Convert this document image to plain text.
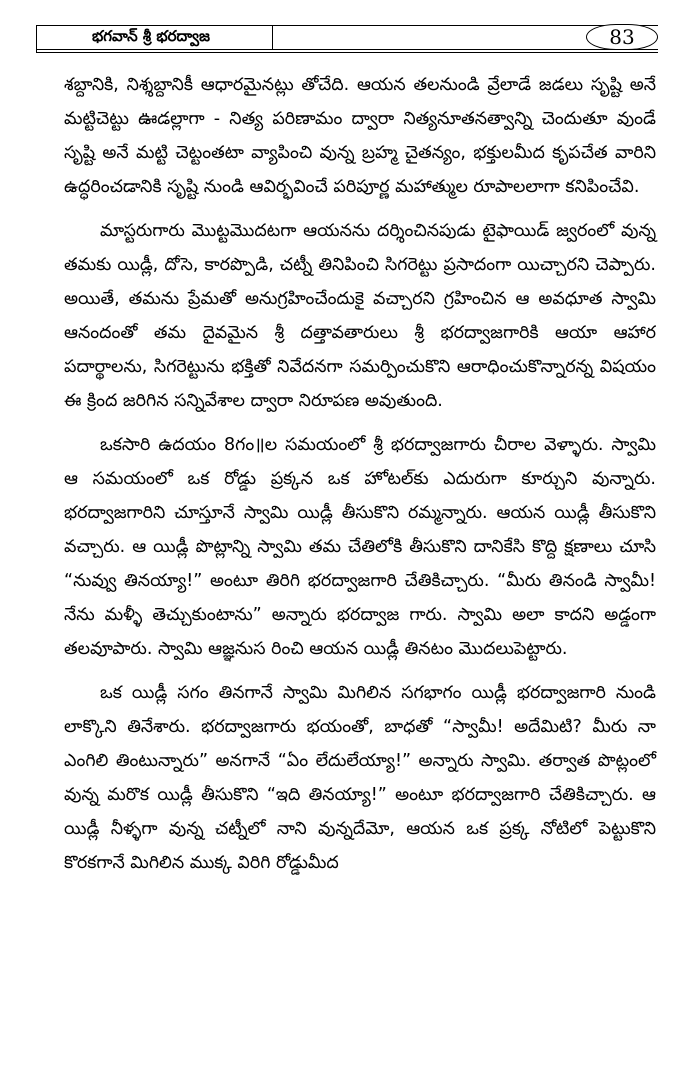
భగవాన్ శ్రీ భరద్వాజ	83

శబ్దానికి, నిశ్శబ్దానికీ ఆధారమైనట్లు తోచేది. ఆయన తలనుండి వ్రేలాడే జడలు సృష్టి అనే మట్టిచెట్టు ఊడల్లాగా - నిత్య పరిణామం ద్వారా నిత్యనూతనత్వాన్ని చెందుతూ వుండే సృష్టి అనే మట్టి చెట్టంతటా వ్యాపించి వున్న బ్రహ్మ చైతన్యం, భక్తులమీద కృపచేత వారిని ఉద్ధరించడానికి సృష్టి నుండి ఆవిర్భవించే పరిపూర్ణ మహాత్ముల రూపాలలాగా కనిపించేవి.

మాస్టరుగారు మొట్టమొదటగా ఆయనను దర్శించినపుడు టైఫాయిడ్ జ్వరంలో వున్న తమకు యిడ్లీ, దోసె, కారప్పొడి, చట్నీ తినిపించి సిగరెట్టు ప్రసాదంగా యిచ్చారని చెప్పారు. అయితే, తమను ప్రేమతో అనుగ్రహించేందుకై వచ్చారని గ్రహించిన ఆ అవధూత స్వామి ఆనందంతో తమ దైవమైన శ్రీ దత్తావతారులు శ్రీ భరద్వాజగారికి ఆయా ఆహార పదార్థాలను, సిగరెట్టును భక్తితో నివేదనగా సమర్పించుకొని ఆరాధించుకొన్నారన్న విషయం ఈ క్రింద జరిగిన సన్నివేశాల ద్వారా నిరూపణ అవుతుంది.

ఒకసారి ఉదయం 8గం॥ల సమయంలో శ్రీ భరద్వాజగారు చీరాల వెళ్ళారు. స్వామి ఆ సమయంలో ఒక రోడ్డు ప్రక్కన ఒక హోటల్‌కు ఎదురుగా కూర్చుని వున్నారు. భరద్వాజగారిని చూస్తూనే స్వామి యిడ్లీ తీసుకొని రమ్మన్నారు. ఆయన యిడ్లీ తీసుకొని వచ్చారు. ఆ యిడ్లీ పొట్లాన్ని స్వామి తమ చేతిలోకి తీసుకొని దానికేసి కొద్ది క్షణాలు చూసి “నువ్వు తినయ్యా!” అంటూ తిరిగి భరద్వాజగారి చేతికిచ్చారు. “మీరు తినండి స్వామీ! నేను మళ్ళీ తెచ్చుకుంటాను” అన్నారు భరద్వాజ గారు. స్వామి అలా కాదని అడ్డంగా తలవూపారు. స్వామి ఆజ్ఞనుస రించి ఆయన యిడ్లీ తినటం మొదలుపెట్టారు.

ఒక యిడ్లీ సగం తినగానే స్వామి మిగిలిన సగభాగం యిడ్లీ భరద్వాజగారి నుండి లాక్కొని తినేశారు. భరద్వాజగారు భయంతో, బాధతో “స్వామీ! అదేమిటి? మీరు నా ఎంగిలి తింటున్నారు” అనగానే “ఏం లేదులేయ్యా!” అన్నారు స్వామి. తర్వాత పొట్లంలో వున్న మరొక యిడ్లీ తీసుకొని “ఇది తినయ్యా!” అంటూ భరద్వాజగారి చేతికిచ్చారు. ఆ యిడ్లీ నీళ్ళగా వున్న చట్నీలో నాని వున్నదేమో, ఆయన ఒక ప్రక్క నోటిలో పెట్టుకొని కొరకగానే మిగిలిన ముక్క విరిగి రోడ్డుమీద
